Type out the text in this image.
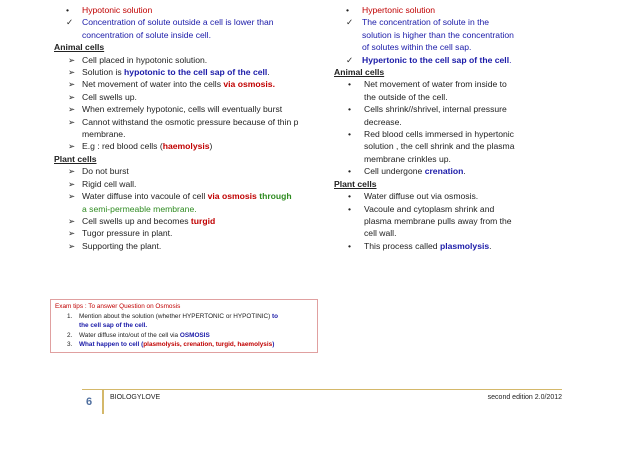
• Hypotonic solution
✓ Concentration of solute outside a cell is lower than
concentration of solute inside cell.
Animal cells
➢ Cell placed in hypotonic solution.
➢ Solution is hypotonic to the cell sap of the cell.
➢ Net movement of water into the cells via osmosis.
➢ Cell swells up.
➢ When extremely hypotonic, cells will eventually burst
➢ Cannot withstand the osmotic pressure because of thin p
membrane.
➢ E.g : red blood cells (haemolysis)
Plant cells
➢ Do not burst
➢ Rigid cell wall.
➢ Water diffuse into vacoule of cell via osmosis through
a semi-permeable membrane.
➢ Cell swells up and becomes turgid
➢ Tugor pressure in plant.
➢ Supporting the plant.
• Hypertonic solution
✓ The concentration of solute in the
solution is higher than the concentration
of solutes within the cell sap.
✓ Hypertonic to the cell sap of the cell.
Animal cells
• Net movement of water from inside to
the outside of the cell.
• Cells shrink//shrivel, internal pressure
decrease.
• Red blood cells immersed in hypertonic
solution , the cell shrink and the plasma
membrane crinkles up.
• Cell undergone crenation.
Plant cells
• Water diffuse out via osmosis.
• Vacoule and cytoplasm shrink and
plasma membrane pulls away from the
cell wall.
• This process called plasmolysis.
Exam tips : To answer Question on Osmosis
1. Mention about the solution (whether HYPERTONIC or HYPOTINIC) to
the cell sap of the cell.
2. Water diffuse into/out of the cell via OSMOSIS
3. What happen to cell (plasmolysis, crenation, turgid, haemolysis)
6	BIOLOGYLOVE	second edition 2.0/2012
